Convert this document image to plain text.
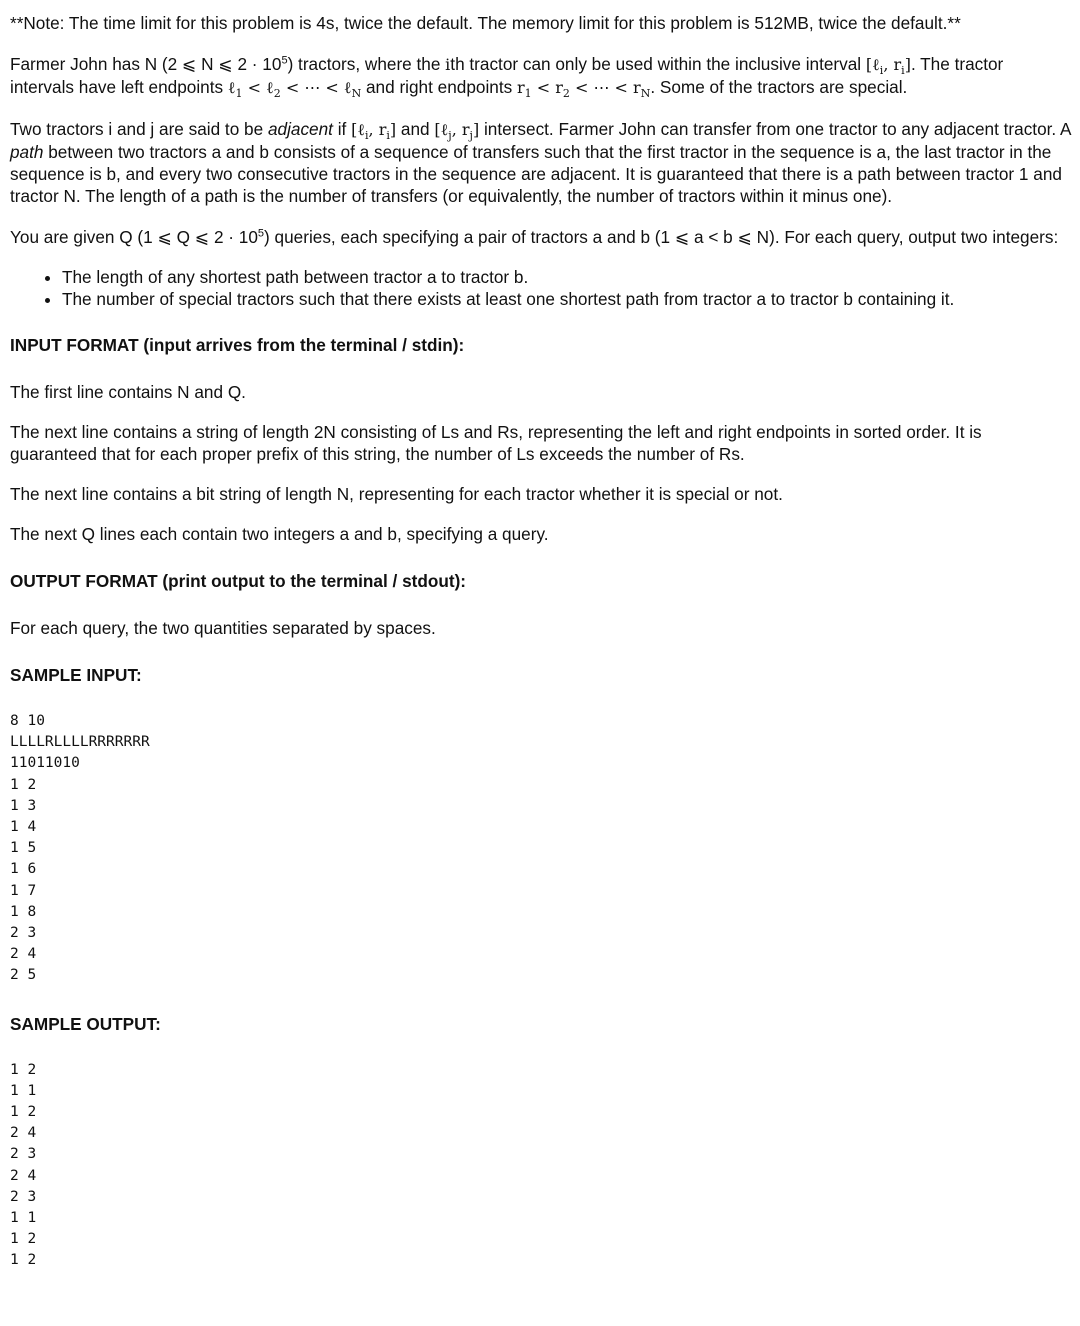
**Note: The time limit for this problem is 4s, twice the default. The memory limit for this problem is 512MB, twice the default.**

Farmer John has N (2 ⩽ N ⩽ $2 \cdot 10^5$) tractors, where the ith tractor can only be used within the inclusive interval [ℓ$_i$, $r_i$]. The tractor intervals have left endpoints ℓ$_1$ < ℓ$_2$ < ⋯ < ℓ$_N$ and right endpoints $r_1 < r_2$ < ⋯ < $r_N$. Some of the tractors are special.

Two tractors i and j are said to be adjacent if [ℓ$_i$, $r_i$] and [ℓ$_j$, $r_j$] intersect. Farmer John can transfer from one tractor to any adjacent tractor. A path between two tractors a and b consists of a sequence of transfers such that the first tractor in the sequence is a, the last tractor in the sequence is b, and every two consecutive tractors in the sequence are adjacent. It is guaranteed that there is a path between tractor 1 and tractor N. The length of a path is the number of transfers (or equivalently, the number of tractors within it minus one).

You are given Q (1 ⩽ Q ⩽ $2 \cdot 10^5$) queries, each specifying a pair of tractors a and b (1 ⩽ a < b ⩽ N). For each query, output two integers:

• The length of any shortest path between tractor a to tractor b.
• The number of special tractors such that there exists at least one shortest path from tractor a to tractor b containing it.

INPUT FORMAT (input arrives from the terminal / stdin):

The first line contains N and Q.

The next line contains a string of length 2N consisting of Ls and Rs, representing the left and right endpoints in sorted order. It is guaranteed that for each proper prefix of this string, the number of Ls exceeds the number of Rs.

The next line contains a bit string of length N, representing for each tractor whether it is special or not.

The next Q lines each contain two integers a and b, specifying a query.

OUTPUT FORMAT (print output to the terminal / stdout):

For each query, the two quantities separated by spaces.

SAMPLE INPUT:

8 10
LLLLRLLLLRRRRRRR
11011010
1 2
1 3
1 4
1 5
1 6
1 7
1 8
2 3
2 4
2 5

SAMPLE OUTPUT:

1 2
1 1
1 2
2 4
2 3
2 4
2 3
1 1
1 2
1 2
